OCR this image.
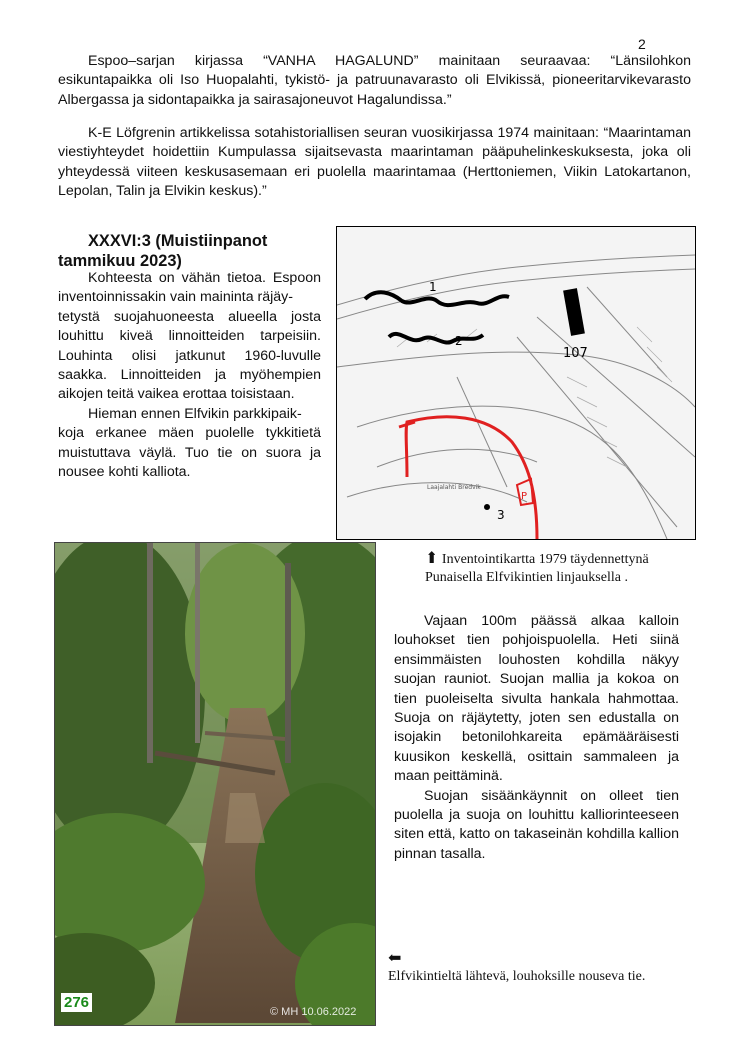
2
Espoo–sarjan kirjassa “VANHA HAGALUND” mainitaan seuraavaa: “Länsilohkon esikuntapaikka oli Iso Huopalahti, tykistö- ja patruunavarasto oli Elvikissä, pioneeritarvikevarasto Albergassa ja sidontapaikka ja sairasajoneuvot Hagalundissa.”
K-E Löfgrenin artikkelissa sotahistoriallisen seuran vuosikirjassa 1974 mainitaan: “Maarintaman viestiyhteydet hoidettiin Kumpulassa sijaitsevasta maarintaman pääpuhelinkeskuksesta, joka oli yhteydessä viiteen keskusasemaan eri puolella maarintamaa (Herttoniemen, Viikin Latokartanon, Lepolan, Talin ja Elvikin keskus).”
XXXVI:3 (Muistiinpanot tammikuu 2023)

Kohteesta on vähän tietoa. Espoon inventoinnissakin vain maininta räjäy-
tetystä suojahuoneesta alueella josta louhittu kiveä linnoitteiden tarpeisiin. Louhinta olisi jatkunut 1960-luvulle saakka. Linnoitteiden ja myöhempien aikojen teitä vaikea erottaa toisistaan.

Hieman ennen Elfvikin parkkipaik-
koja erkanee mäen puolelle tykkitietä muistuttava väylä. Tuo tie on suora ja nousee kohti kalliota.

1
2
107
P
3
Laajalahti Bredvik
⬆ Inventointikartta 1979 täydennettynä Punaisella Elfvikintien linjauksella .
276
© MH 10.06.2022

Vajaan 100m päässä alkaa kalloin louhokset tien pohjoispuolella. Heti siinä ensimmäisten louhosten kohdilla näkyy suojan rauniot. Suojan mallia ja kokoa on tien puoleiselta sivulta hankala hahmottaa. Suoja on räjäytetty, joten sen edustalla on isojakin betonilohkareita epämääräisesti kuusikon keskellä, osittain sammaleen ja maan peittäminä.

Suojan sisäänkäynnit on olleet tien puolella ja suoja on louhittu kalliorinteeseen siten että, katto on takaseinän kohdilla kallion pinnan tasalla.

⬅
Elfvikintieltä lähtevä, louhoksille nouseva tie.
